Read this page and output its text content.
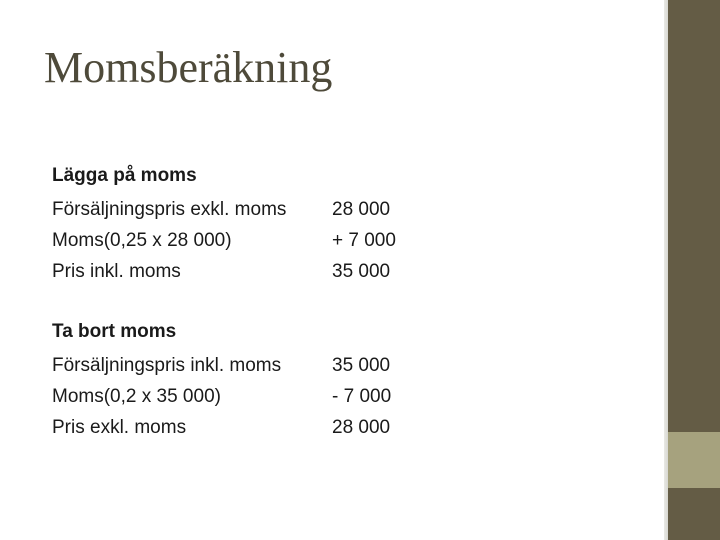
Momsberäkning
Lägga på moms
Försäljningspris exkl. moms 28 000
Moms(0,25 x 28 000)	+ 7 000
Pris inkl. moms	35 000
Ta bort moms
Försäljningspris inkl. moms	35 000
Moms(0,2 x 35 000)	- 7 000
Pris exkl. moms	28 000
